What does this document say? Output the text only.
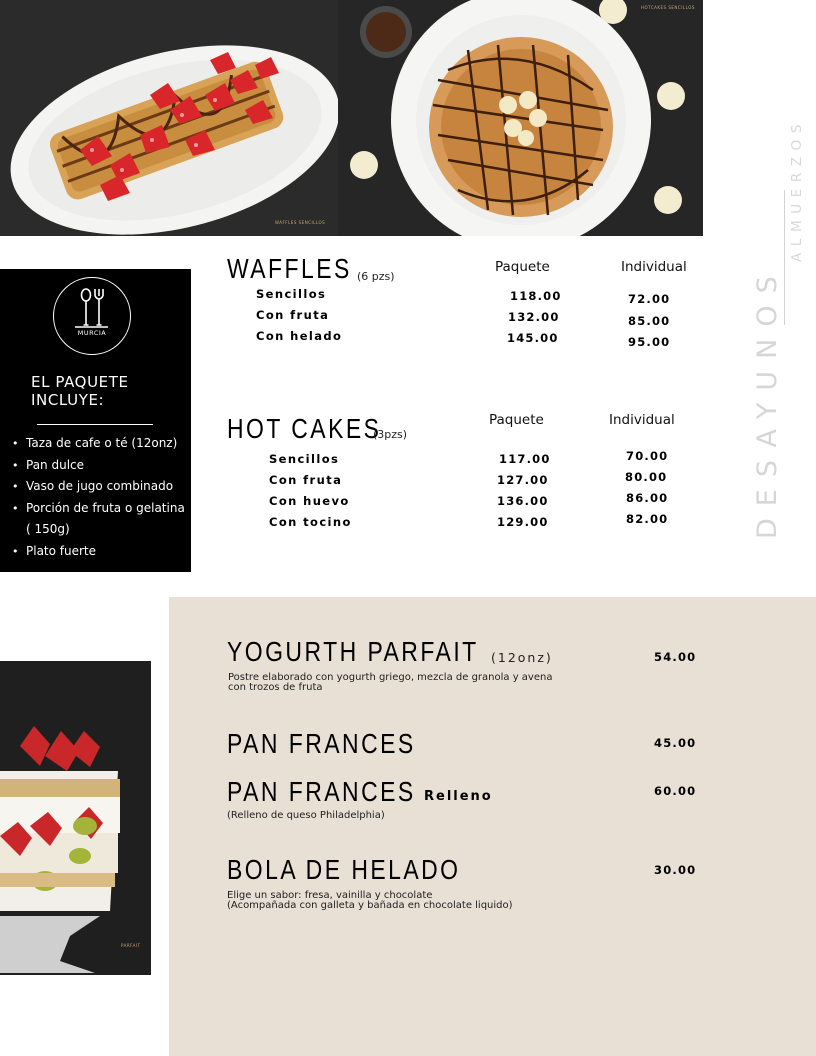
WAFFLES SENCILLOS
HOTCAKES SENCILLOS
PARFAIT
MURCIA
EL PAQUETE INCLUYE:
• Taza de cafe o té (12onz)
• Pan dulce
• Vaso de jugo combinado
• Porción de fruta o gelatina ( 150g)
• Plato fuerte
DESAYUNOS
ALMUERZOS
WAFFLES (6 pzs)
Paquete	Individual
Sencillos	118.00	72.00
Con fruta	132.00	85.00
Con helado	145.00	95.00
HOT CAKES
(3pzs)
Paquete	Individual
Sencillos	117.00	70.00
Con fruta	127.00	80.00
Con huevo	136.00	86.00
Con tocino	129.00	82.00
YOGURTH PARFAIT (12onz)	54.00
Postre elaborado con yogurth griego, mezcla de granola y avena
con trozos de fruta
PAN FRANCES	45.00
PAN FRANCES Relleno	60.00
(Relleno de queso Philadelphia)
BOLA DE HELADO	30.00
Elige un sabor: fresa, vainilla y chocolate
(Acompañada con galleta y bañada en chocolate liquido)
